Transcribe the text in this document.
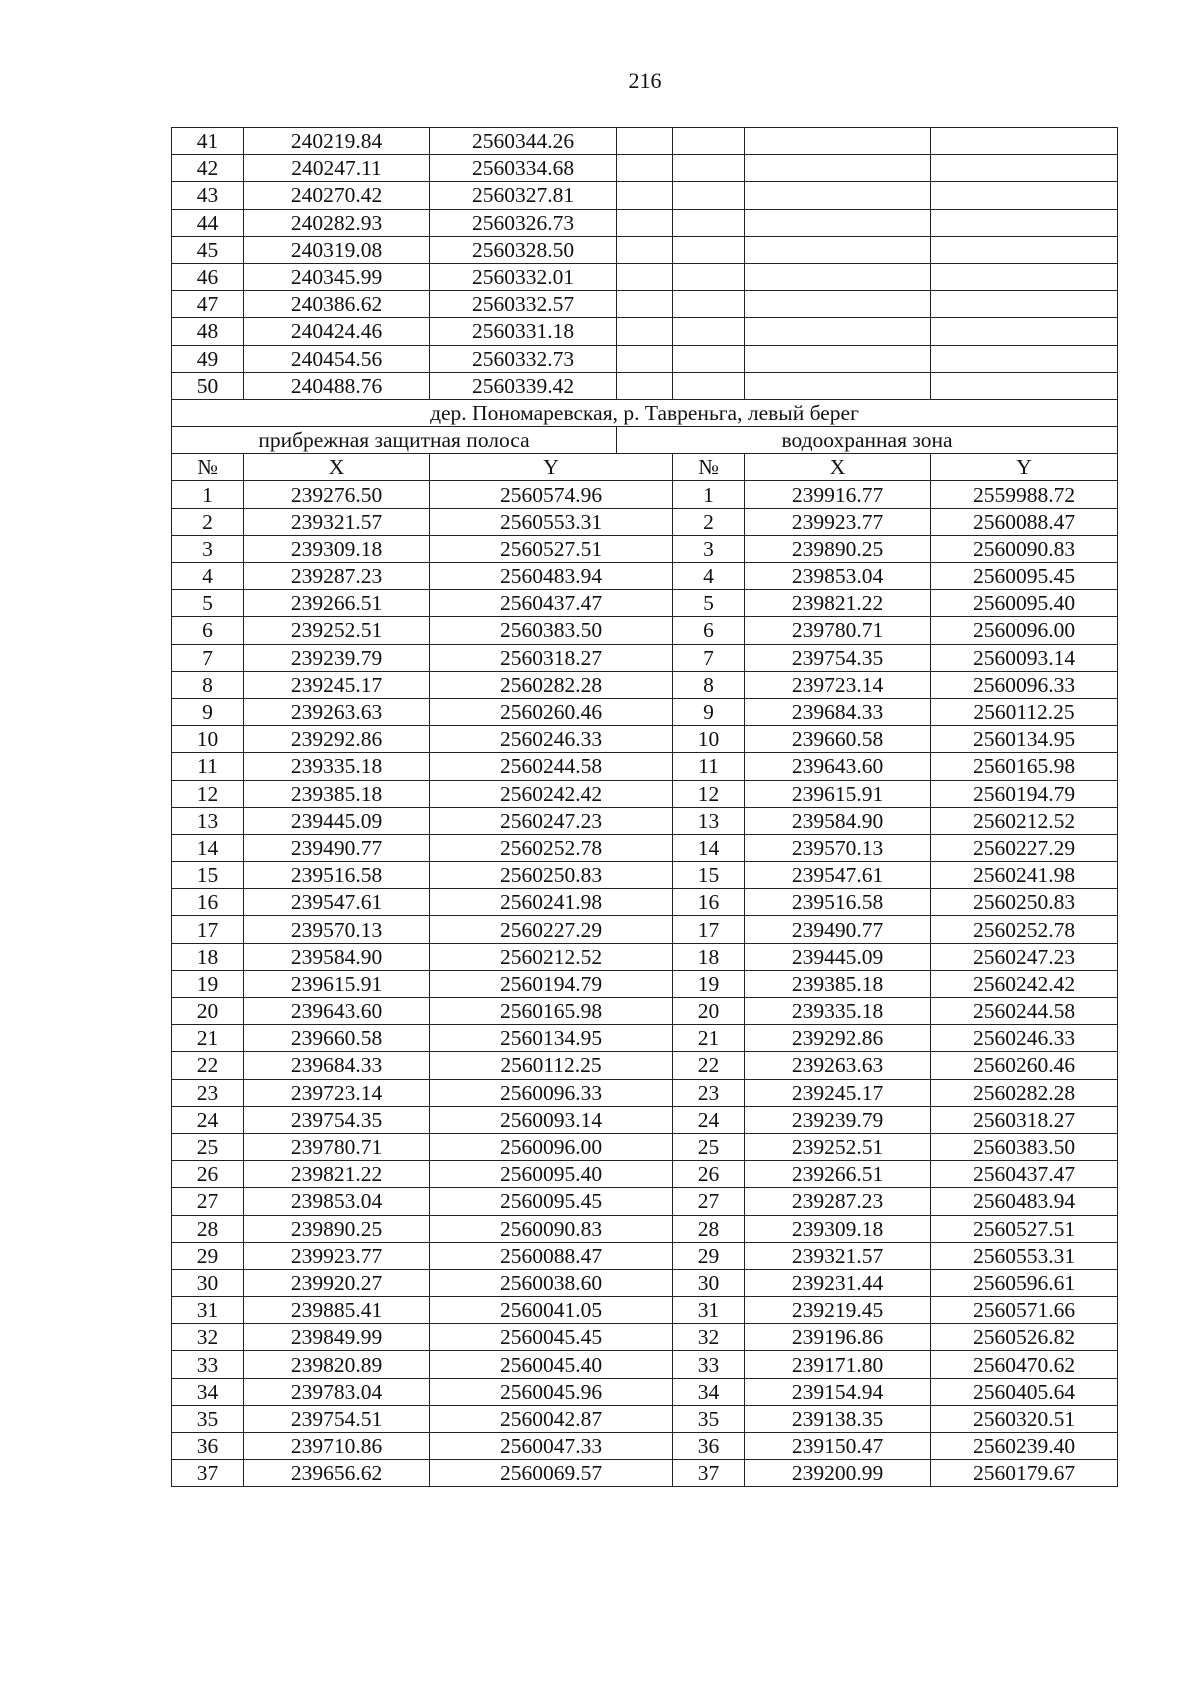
216
41	240219.84	2560344.26				
42	240247.11	2560334.68				
43	240270.42	2560327.81				
44	240282.93	2560326.73				
45	240319.08	2560328.50				
46	240345.99	2560332.01				
47	240386.62	2560332.57				
48	240424.46	2560331.18				
49	240454.56	2560332.73				
50	240488.76	2560339.42				
дер. Пономаревская, р. Тавреньга, левый берег						
прибрежная защитная полоса			водоохранная зона			
№	X	Y		№	X	Y
1	239276.50	2560574.96		1	239916.77	2559988.72
2	239321.57	2560553.31		2	239923.77	2560088.47
3	239309.18	2560527.51		3	239890.25	2560090.83
4	239287.23	2560483.94		4	239853.04	2560095.45
5	239266.51	2560437.47		5	239821.22	2560095.40
6	239252.51	2560383.50		6	239780.71	2560096.00
7	239239.79	2560318.27		7	239754.35	2560093.14
8	239245.17	2560282.28		8	239723.14	2560096.33
9	239263.63	2560260.46		9	239684.33	2560112.25
10	239292.86	2560246.33		10	239660.58	2560134.95
11	239335.18	2560244.58		11	239643.60	2560165.98
12	239385.18	2560242.42		12	239615.91	2560194.79
13	239445.09	2560247.23		13	239584.90	2560212.52
14	239490.77	2560252.78		14	239570.13	2560227.29
15	239516.58	2560250.83		15	239547.61	2560241.98
16	239547.61	2560241.98		16	239516.58	2560250.83
17	239570.13	2560227.29		17	239490.77	2560252.78
18	239584.90	2560212.52		18	239445.09	2560247.23
19	239615.91	2560194.79		19	239385.18	2560242.42
20	239643.60	2560165.98		20	239335.18	2560244.58
21	239660.58	2560134.95		21	239292.86	2560246.33
22	239684.33	2560112.25		22	239263.63	2560260.46
23	239723.14	2560096.33		23	239245.17	2560282.28
24	239754.35	2560093.14		24	239239.79	2560318.27
25	239780.71	2560096.00		25	239252.51	2560383.50
26	239821.22	2560095.40		26	239266.51	2560437.47
27	239853.04	2560095.45		27	239287.23	2560483.94
28	239890.25	2560090.83		28	239309.18	2560527.51
29	239923.77	2560088.47		29	239321.57	2560553.31
30	239920.27	2560038.60		30	239231.44	2560596.61
31	239885.41	2560041.05		31	239219.45	2560571.66
32	239849.99	2560045.45		32	239196.86	2560526.82
33	239820.89	2560045.40		33	239171.80	2560470.62
34	239783.04	2560045.96		34	239154.94	2560405.64
35	239754.51	2560042.87		35	239138.35	2560320.51
36	239710.86	2560047.33		36	239150.47	2560239.40
37	239656.62	2560069.57		37	239200.99	2560179.67
